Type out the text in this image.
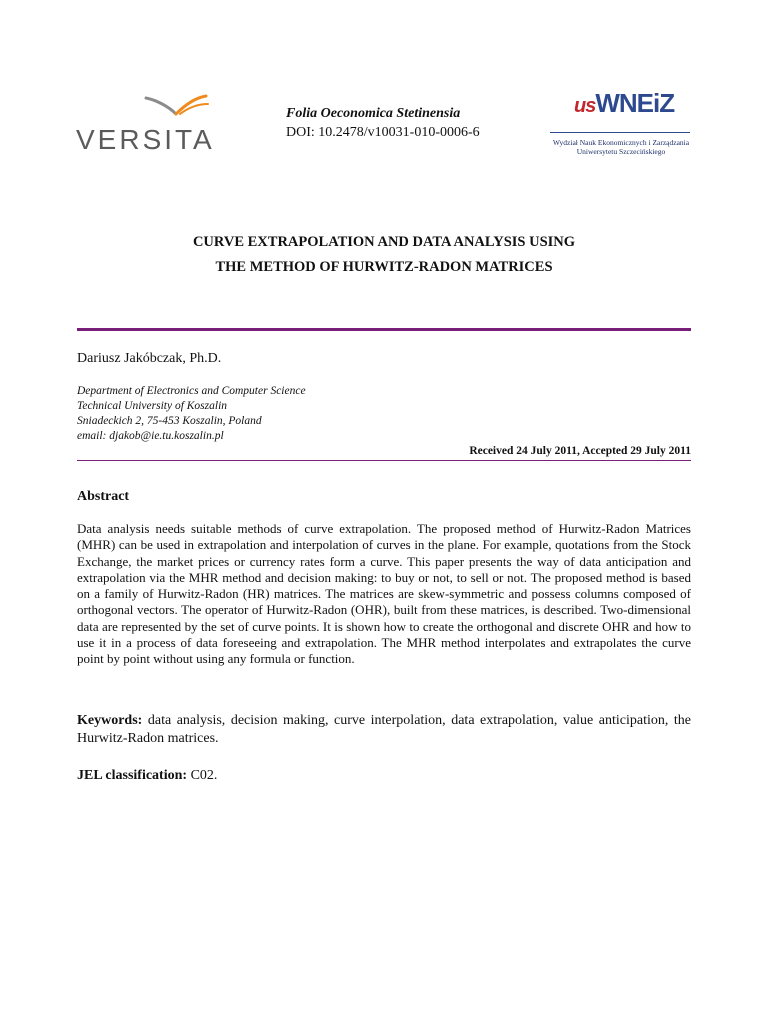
VERSITA
Folia Oeconomica Stetinensia
DOI: 10.2478/v10031-010-0006-6
usWNEiZ
Wydział Nauk Ekonomicznych i Zarządzania
Uniwersytetu Szczecińskiego
CURVE EXTRAPOLATION AND DATA ANALYSIS USING
THE METHOD OF HURWITZ-RADON MATRICES
Dariusz Jakóbczak, Ph.D.
Department of Electronics and Computer Science
Technical University of Koszalin
Sniadeckich 2, 75-453 Koszalin, Poland
email: djakob@ie.tu.koszalin.pl
Received 24 July 2011, Accepted 29 July 2011
Abstract

Data analysis needs suitable methods of curve extrapolation. The proposed method of Hurwitz-Radon Matrices (MHR) can be used in extrapolation and interpolation of curves in the plane. For example, quotations from the Stock Exchange, the market prices or currency rates form a curve. This paper presents the way of data anticipation and extrapolation via the MHR method and decision making: to buy or not, to sell or not. The proposed method is based on a family of Hurwitz-Radon (HR) matrices. The matrices are skew-symmetric and possess columns composed of orthogonal vectors. The operator of Hurwitz-Radon (OHR), built from these matrices, is described. Two-dimensional data are represented by the set of curve points. It is shown how to create the orthogonal and discrete OHR and how to use it in a process of data foreseeing and extrapolation. The MHR method interpolates and extrapolates the curve point by point without using any formula or function.

Keywords: data analysis, decision making, curve interpolation, data extrapolation, value anticipation, the Hurwitz-Radon matrices.

JEL classification: C02.
